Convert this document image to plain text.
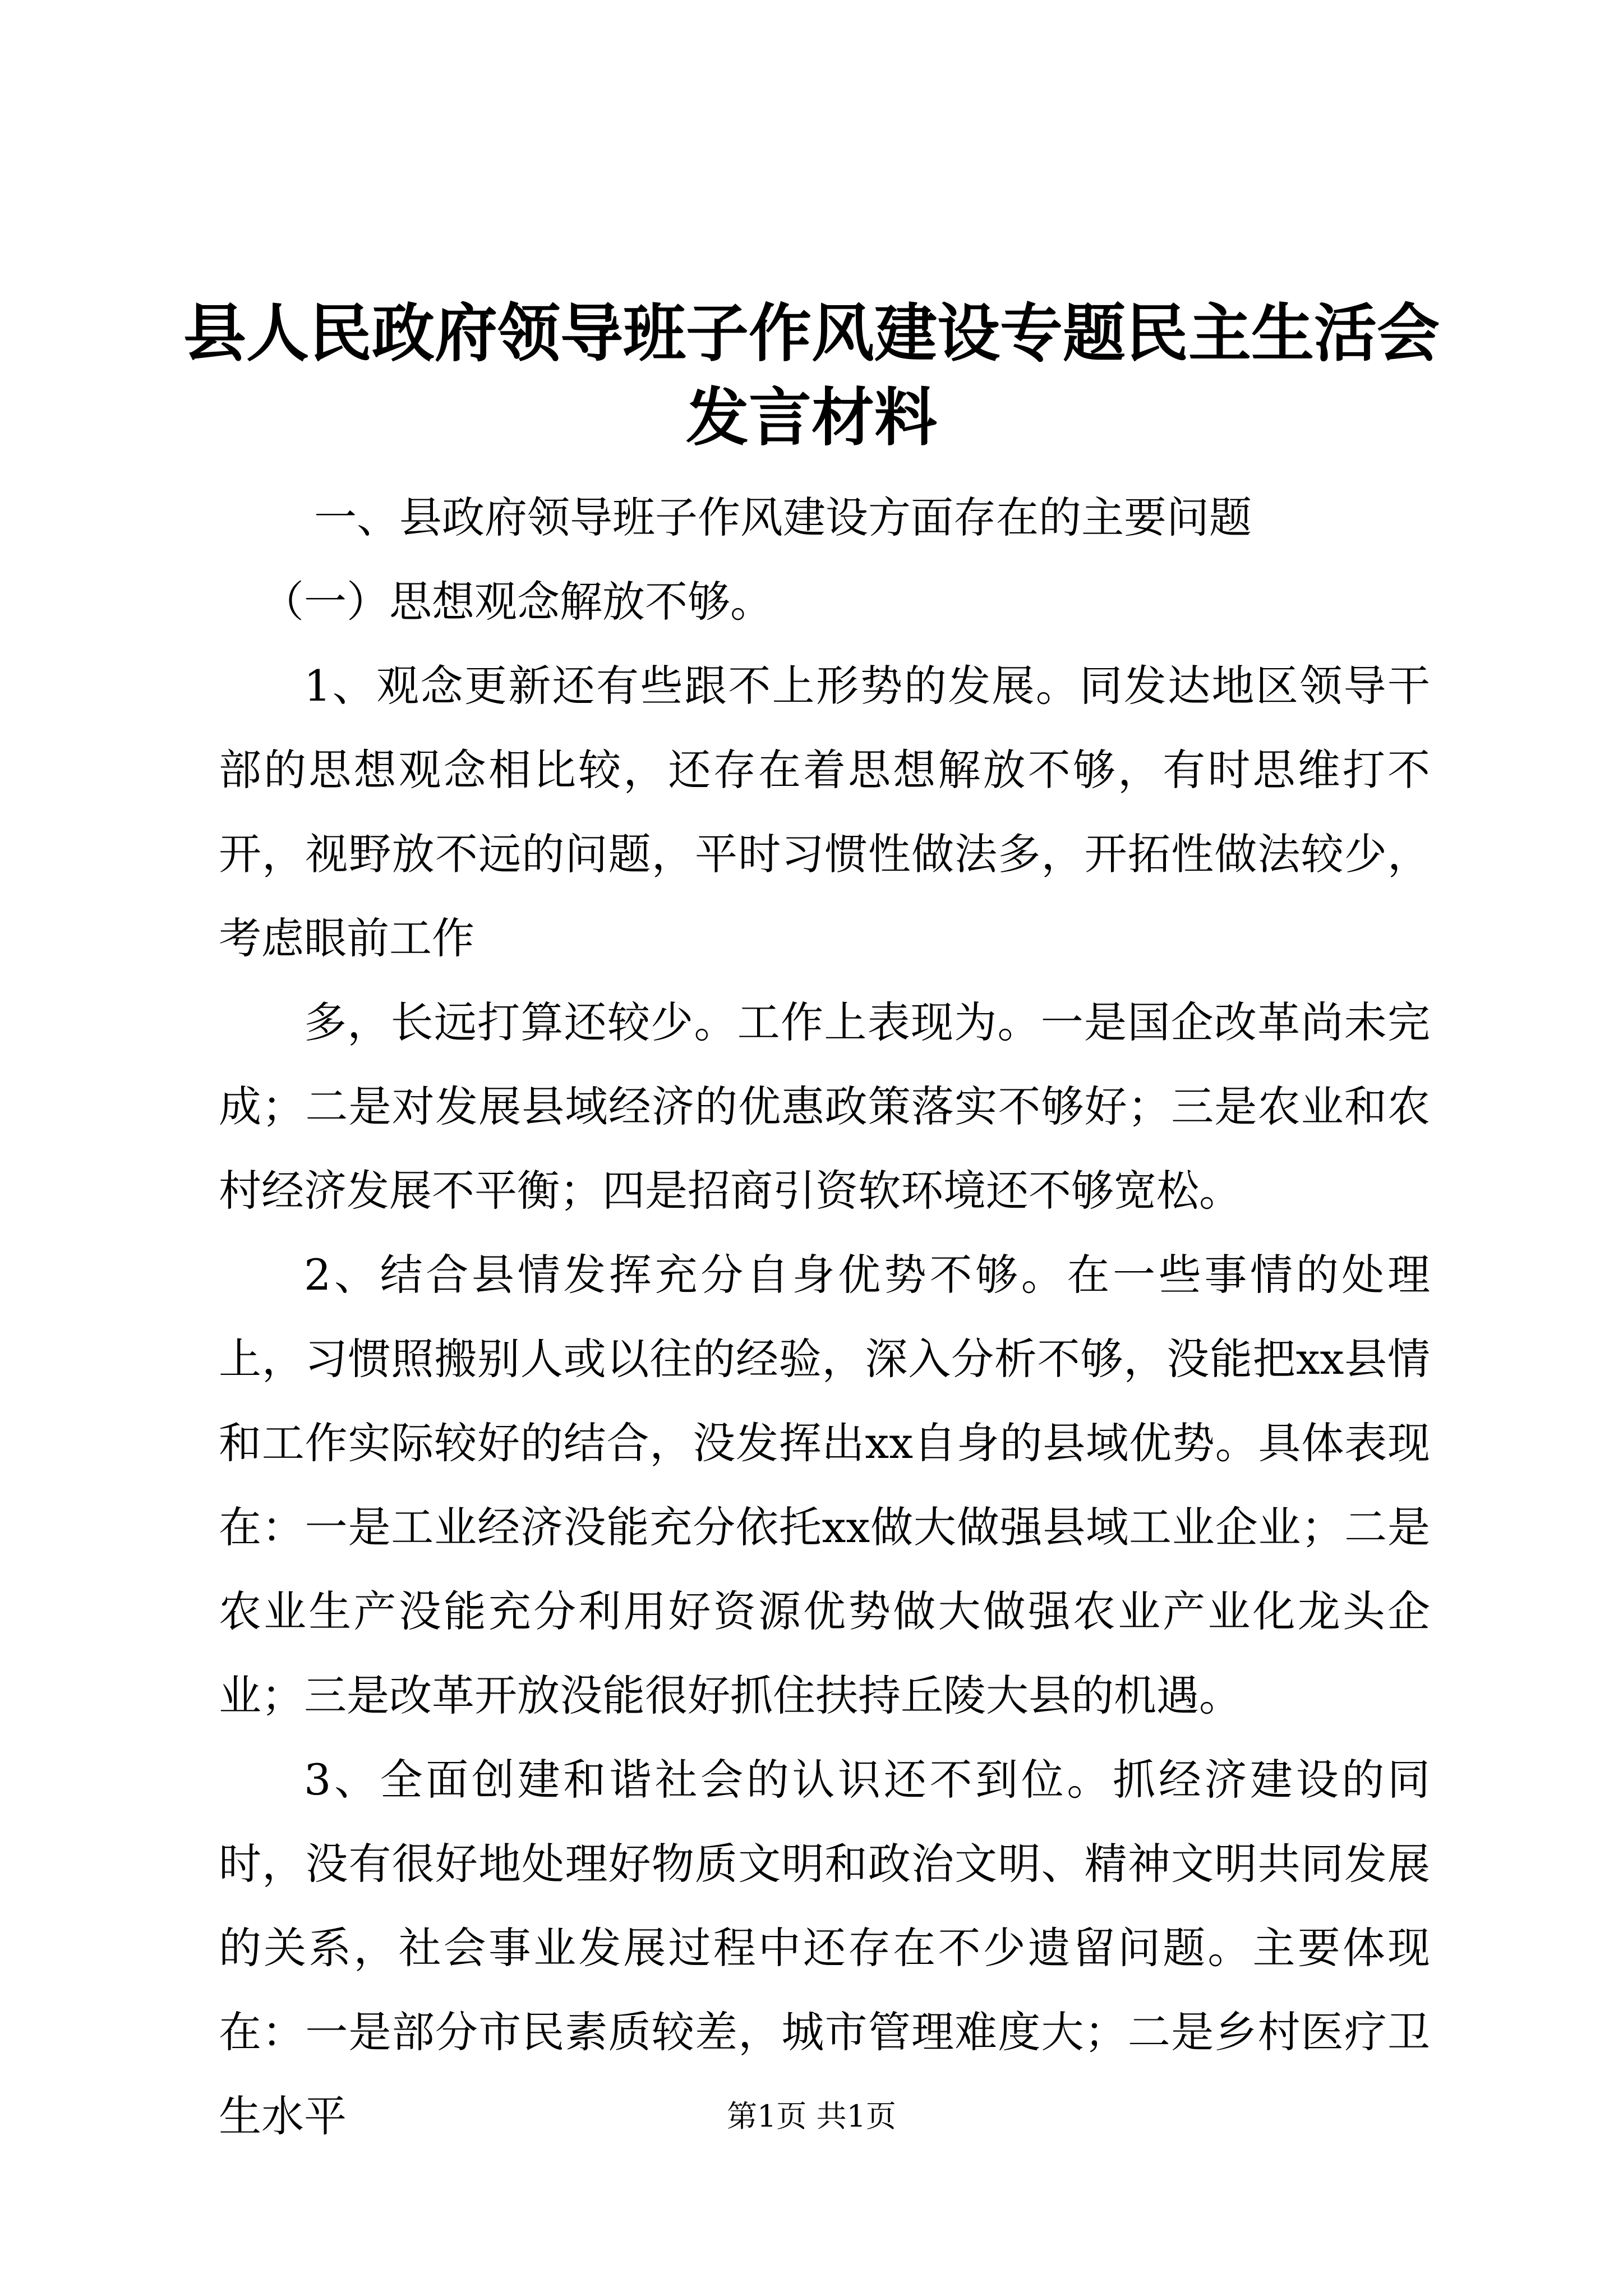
县人民政府领导班子作风建设专题民主生活会发言材料

一、县政府领导班子作风建设方面存在的主要问题

（一）思想观念解放不够。

1、观念更新还有些跟不上形势的发展。同发达地区领导干部的思想观念相比较，还存在着思想解放不够，有时思维打不开，视野放不远的问题，平时习惯性做法多，开拓性做法较少，考虑眼前工作

多，长远打算还较少。工作上表现为。一是国企改革尚未完成；二是对发展县域经济的优惠政策落实不够好；三是农业和农村经济发展不平衡；四是招商引资软环境还不够宽松。

2、结合县情发挥充分自身优势不够。在一些事情的处理上，习惯照搬别人或以往的经验，深入分析不够，没能把xx县情和工作实际较好的结合，没发挥出xx自身的县域优势。具体表现在：一是工业经济没能充分依托xx做大做强县域工业企业；二是农业生产没能充分利用好资源优势做大做强农业产业化龙头企业；三是改革开放没能很好抓住扶持丘陵大县的机遇。

3、全面创建和谐社会的认识还不到位。抓经济建设的同时，没有很好地处理好物质文明和政治文明、精神文明共同发展的关系，社会事业发展过程中还存在不少遗留问题。主要体现在：一是部分市民素质较差，城市管理难度大；二是乡村医疗卫生水平	第1页 共1页
